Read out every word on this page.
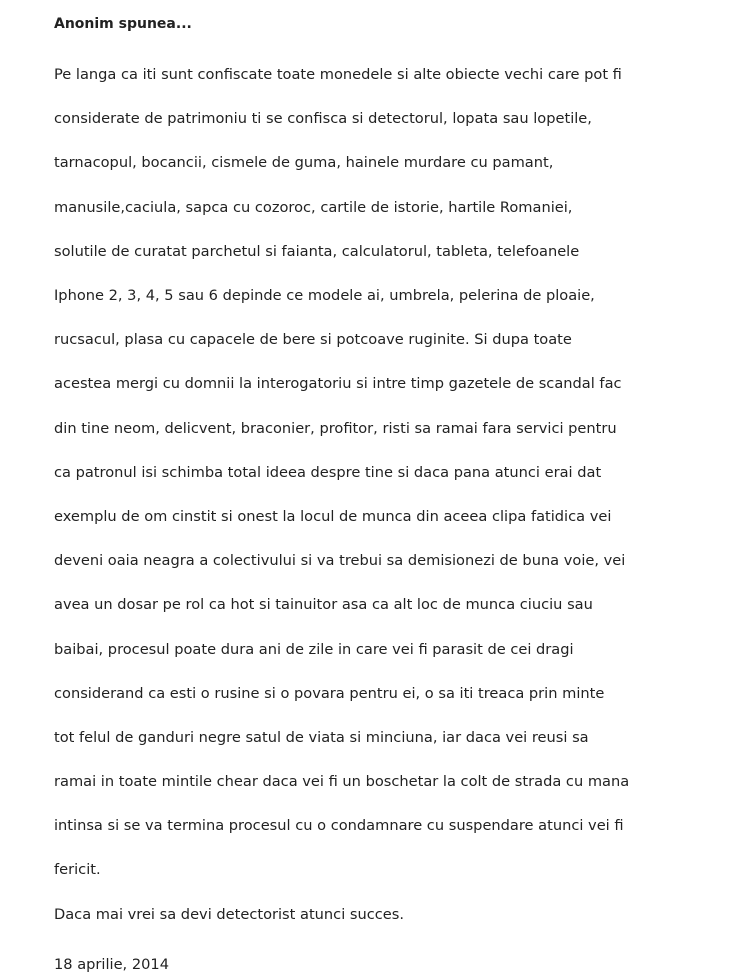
Anonim spunea...

Pe langa ca iti sunt confiscate toate monedele si alte obiecte vechi care pot fi

considerate de patrimoniu ti se confisca si detectorul, lopata sau lopetile,

tarnacopul, bocancii, cismele de guma, hainele murdare cu pamant,

manusile,caciula, sapca cu cozoroc, cartile de istorie, hartile Romaniei,

solutile de curatat parchetul si faianta, calculatorul, tableta, telefoanele

Iphone 2, 3, 4, 5 sau 6 depinde ce modele ai, umbrela, pelerina de ploaie,

rucsacul, plasa cu capacele de bere si potcoave ruginite. Si dupa toate

acestea mergi cu domnii la interogatoriu si intre timp gazetele de scandal fac

din tine neom, delicvent, braconier, profitor, risti sa ramai fara servici pentru

ca patronul isi schimba total ideea despre tine si daca pana atunci erai dat

exemplu de om cinstit si onest la locul de munca din aceea clipa fatidica vei

deveni oaia neagra a colectivului si va trebui sa demisionezi de buna voie, vei

avea un dosar pe rol ca hot si tainuitor asa ca alt loc de munca ciuciu sau

baibai, procesul poate dura ani de zile in care vei fi parasit de cei dragi

considerand ca esti o rusine si o povara pentru ei, o sa iti treaca prin minte

tot felul de ganduri negre satul de viata si minciuna, iar daca vei reusi sa

ramai in toate mintile chear daca vei fi un boschetar la colt de strada cu mana

intinsa si se va termina procesul cu o condamnare cu suspendare atunci vei fi

fericit.

Daca mai vrei sa devi detectorist atunci succes.

18 aprilie, 2014
